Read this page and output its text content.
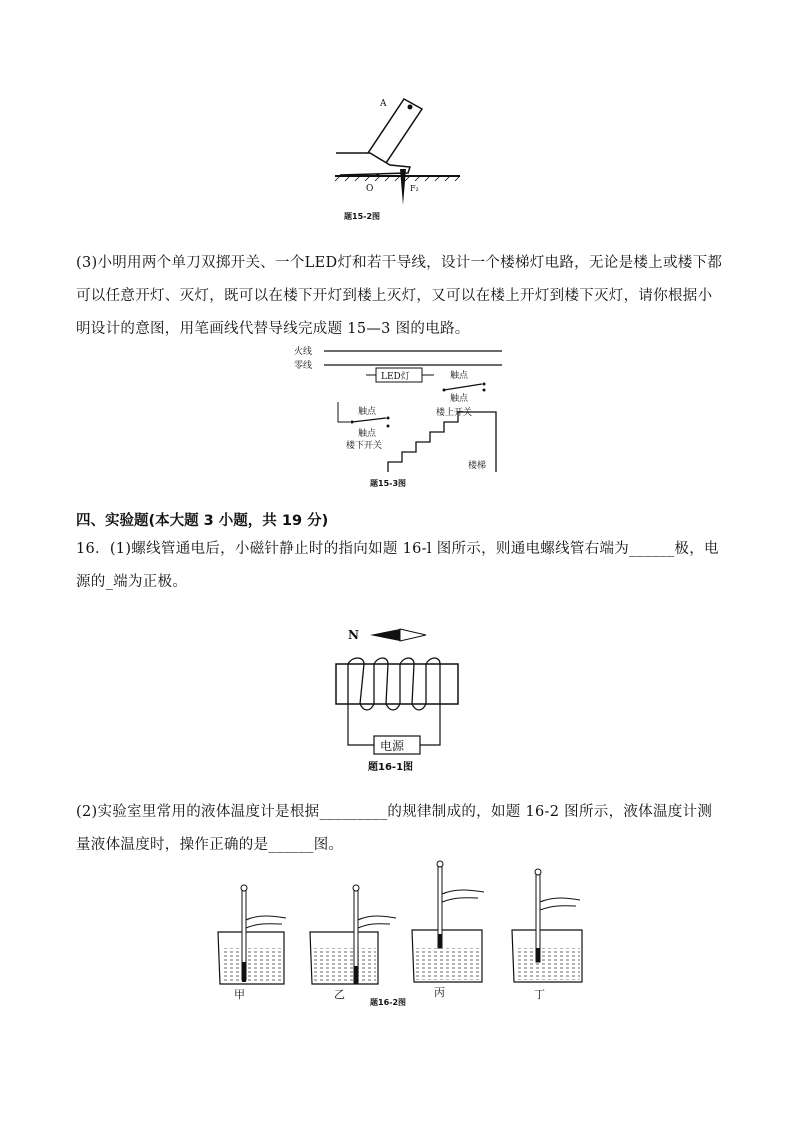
A
O	F₂
题15-2图
(3)小明用两个单刀双掷开关、一个LED灯和若干导线，设计一个楼梯灯电路，无论是楼上或楼下都可以任意开灯、灭灯，既可以在楼下开灯到楼上灭灯，又可以在楼上开灯到楼下灭灯，请你根据小明设计的意图，用笔画线代替导线完成题 15—3 图的电路。
火线
零线
LED灯	触点
触点
楼上开关
触点
触点
楼下开关
楼梯
题15-3图
四、实验题(本大题 3 小题，共 19 分)
16．(1)螺线管通电后，小磁针静止时的指向如题 16-l 图所示，则通电螺线管右端为______极，电源的_端为正极。
N
电源
题16-1图
(2)实验室里常用的液体温度计是根据_________的规律制成的，如题 16-2 图所示，液体温度计测量液体温度时，操作正确的是______图。
甲	乙	丙	丁
题16-2图
